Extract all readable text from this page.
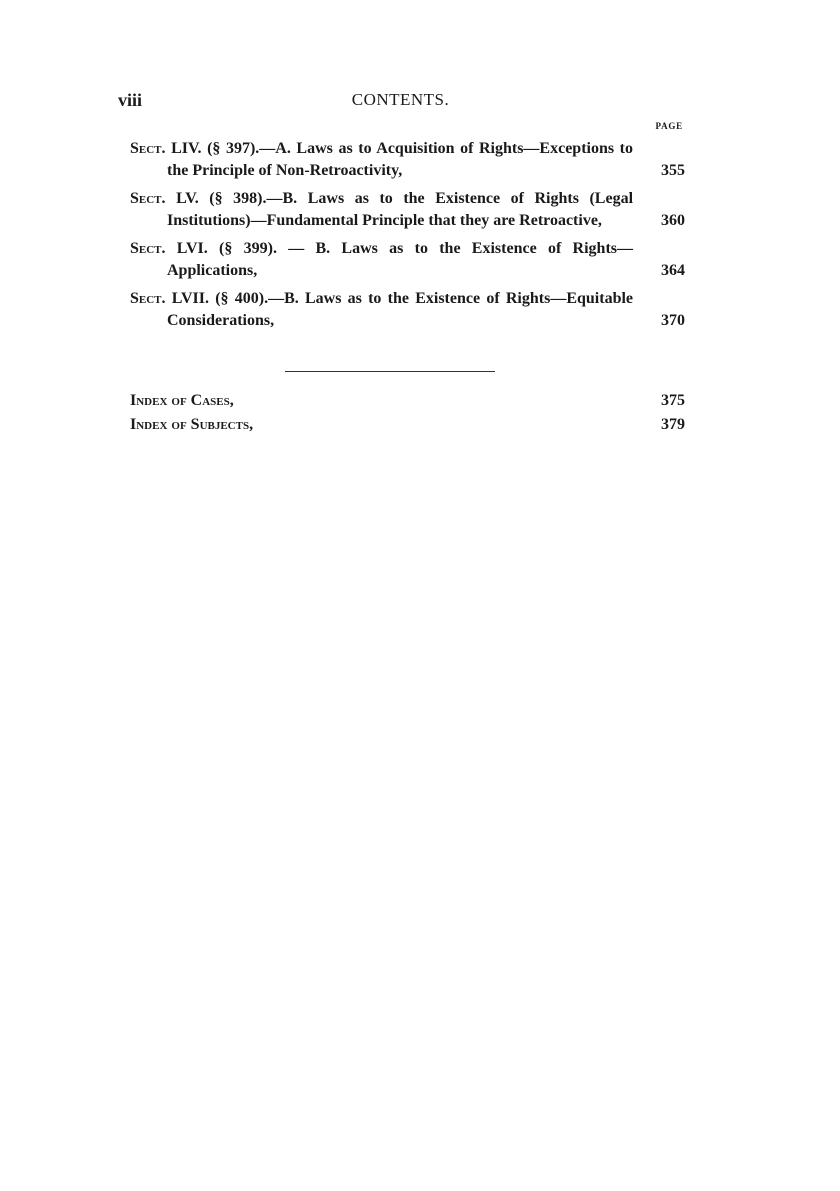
viii	CONTENTS.
PAGE
Sect. LIV. (§ 397).—A. Laws as to Acquisition of Rights—Exceptions to the Principle of Non-Retroactivity,	355
Sect. LV. (§ 398).—B. Laws as to the Existence of Rights (Legal Institutions)—Fundamental Principle that they are Retroactive,	360
Sect. LVI. (§ 399). — B. Laws as to the Existence of Rights—Applications,	364
Sect. LVII. (§ 400).—B. Laws as to the Existence of Rights—Equitable Considerations,	370
Index of Cases,	375
Index of Subjects,	379
